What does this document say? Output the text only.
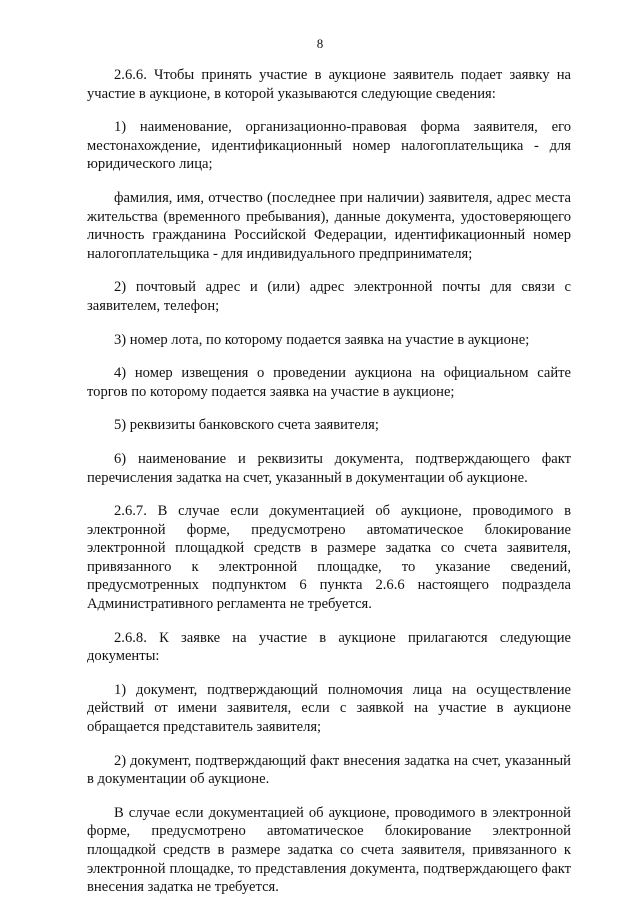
8

2.6.6. Чтобы принять участие в аукционе заявитель подает заявку на участие в аукционе, в которой указываются следующие сведения:

1) наименование, организационно-правовая форма заявителя, его местонахождение, идентификационный номер налогоплательщика - для юридического лица;

фамилия, имя, отчество (последнее при наличии) заявителя, адрес места жительства (временного пребывания), данные документа, удостоверяющего личность гражданина Российской Федерации, идентификационный номер налогоплательщика - для индивидуального предпринимателя;

2) почтовый адрес и (или) адрес электронной почты для связи с заявителем, телефон;

3) номер лота, по которому подается заявка на участие в аукционе;

4) номер извещения о проведении аукциона на официальном сайте торгов по которому подается заявка на участие в аукционе;

5) реквизиты банковского счета заявителя;

6) наименование и реквизиты документа, подтверждающего факт перечисления задатка на счет, указанный в документации об аукционе.

2.6.7. В случае если документацией об аукционе, проводимого в электронной форме, предусмотрено автоматическое блокирование электронной площадкой средств в размере задатка со счета заявителя, привязанного к электронной площадке, то указание сведений, предусмотренных подпунктом 6 пункта 2.6.6 настоящего подраздела Административного регламента не требуется.

2.6.8. К заявке на участие в аукционе прилагаются следующие документы:

1) документ, подтверждающий полномочия лица на осуществление действий от имени заявителя, если с заявкой на участие в аукционе обращается представитель заявителя;

2) документ, подтверждающий факт внесения задатка на счет, указанный в документации об аукционе.

В случае если документацией об аукционе, проводимого в электронной форме, предусмотрено автоматическое блокирование электронной площадкой средств в размере задатка со счета заявителя, привязанного к электронной площадке, то представления документа, подтверждающего факт внесения задатка не требуется.
